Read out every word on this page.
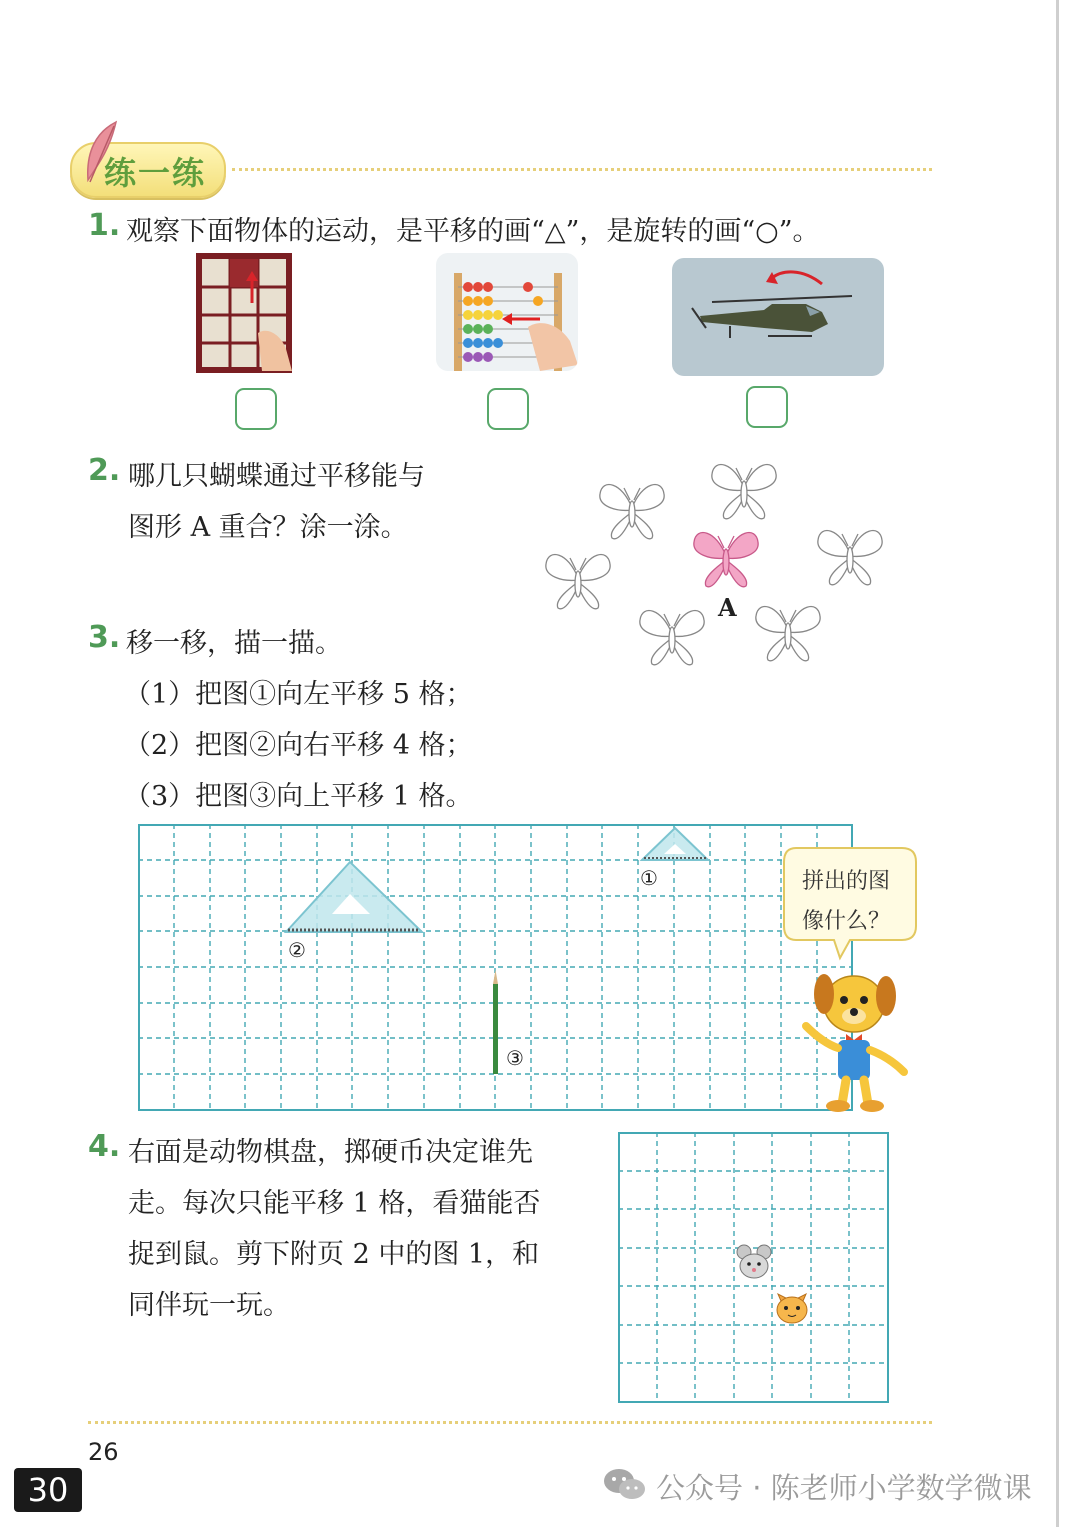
练一练
1. 观察下面物体的运动，是平移的画“△”，是旋转的画“○”。
2. 哪几只蝴蝶通过平移能与
图形 A 重合？涂一涂。
A
3. 移一移，描一描。
（1）把图①向左平移 5 格；
（2）把图②向右平移 4 格；
（3）把图③向上平移 1 格。
①
②
③
拼出的图
像什么？
4. 右面是动物棋盘，掷硬币决定谁先
走。每次只能平移 1 格，看猫能否
捉到鼠。剪下附页 2 中的图 1，和
同伴玩一玩。
26
30	公众号 · 陈老师小学数学微课
